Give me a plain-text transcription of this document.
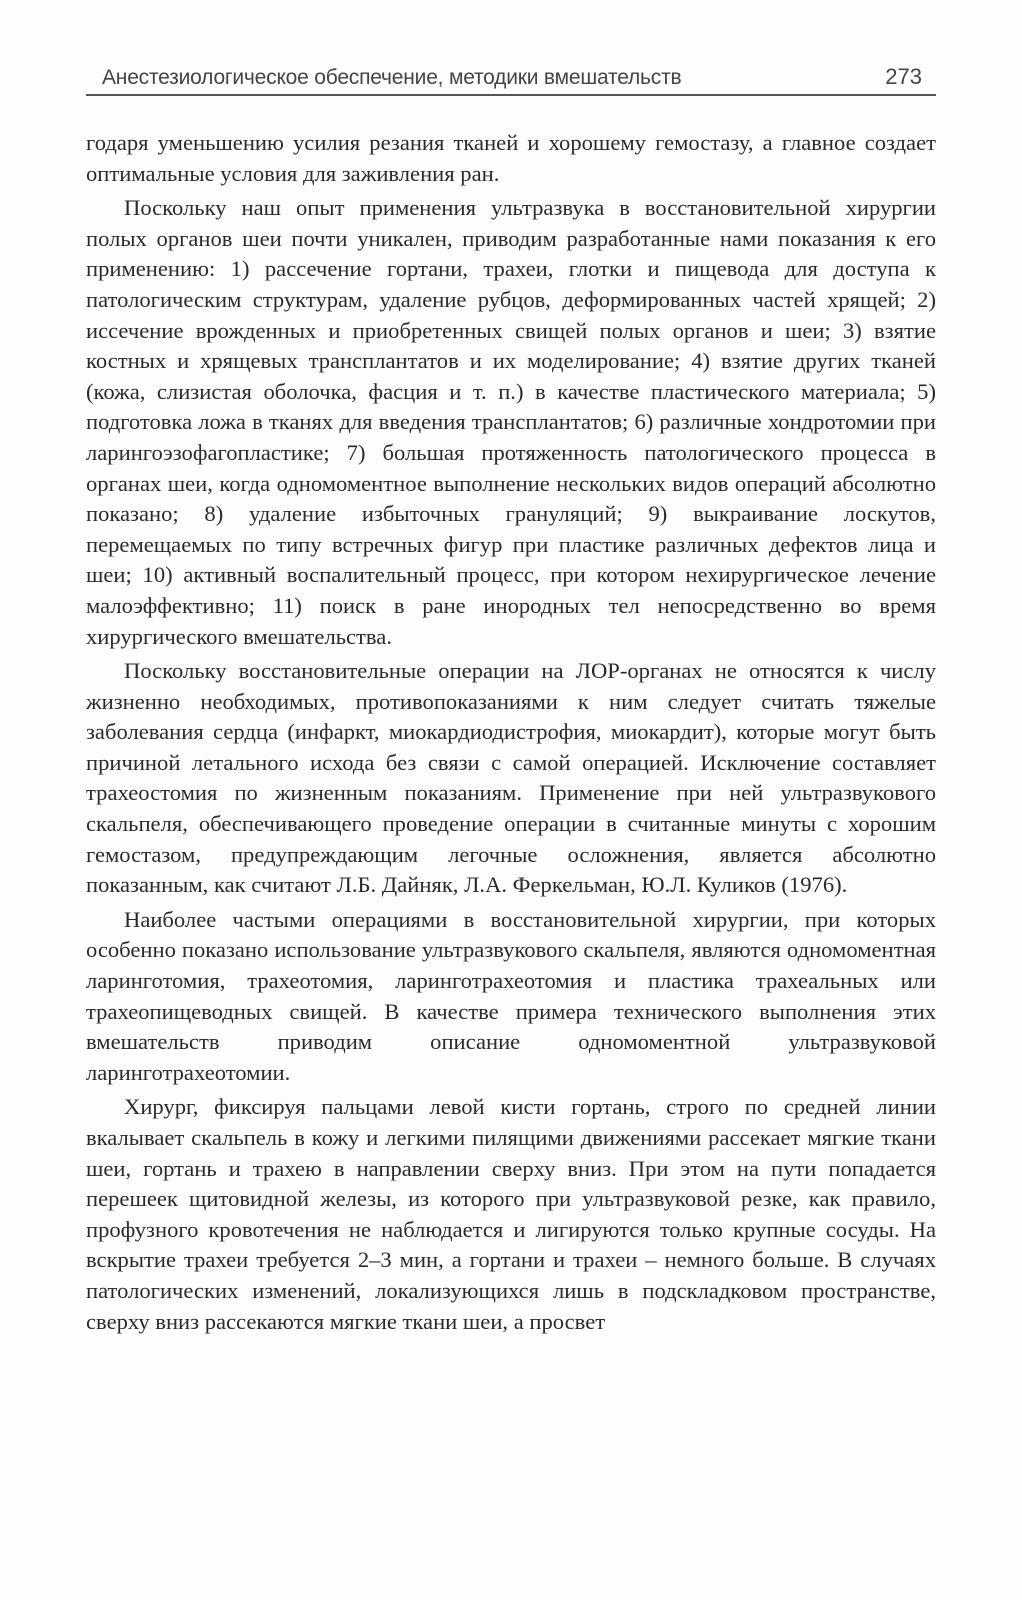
Анестезиологическое обеспечение, методики вмешательств	273

годаря уменьшению усилия резания тканей и хорошему гемостазу, а главное создает оптимальные условия для заживления ран.

Поскольку наш опыт применения ультразвука в восстановительной хирургии полых органов шеи почти уникален, приводим разработанные нами показания к его применению: 1) рассечение гортани, трахеи, глотки и пищевода для доступа к патологическим структурам, удаление рубцов, деформированных частей хрящей; 2) иссечение врожденных и приобретенных свищей полых органов и шеи; 3) взятие костных и хрящевых трансплантатов и их моделирование; 4) взятие других тканей (кожа, слизистая оболочка, фасция и т. п.) в качестве пластического материала; 5) подготовка ложа в тканях для введения трансплантатов; 6) различные хондротомии при ларингоэзофагопластике; 7) большая протяженность патологического процесса в органах шеи, когда одномоментное выполнение нескольких видов операций абсолютно показано; 8) удаление избыточных грануляций; 9) выкраивание лоскутов, перемещаемых по типу встречных фигур при пластике различных дефектов лица и шеи; 10) активный воспалительный процесс, при котором нехирургическое лечение малоэффективно; 11) поиск в ране инородных тел непосредственно во время хирургического вмешательства.

Поскольку восстановительные операции на ЛОР-органах не относятся к числу жизненно необходимых, противопоказаниями к ним следует считать тяжелые заболевания сердца (инфаркт, миокардиодистрофия, миокардит), которые могут быть причиной летального исхода без связи с самой операцией. Исключение составляет трахеостомия по жизненным показаниям. Применение при ней ультразвукового скальпеля, обеспечивающего проведение операции в считанные минуты с хорошим гемостазом, предупреждающим легочные осложнения, является абсолютно показанным, как считают Л.Б. Дайняк, Л.А. Феркельман, Ю.Л. Куликов (1976).

Наиболее частыми операциями в восстановительной хирургии, при которых особенно показано использование ультразвукового скальпеля, являются одномоментная ларинготомия, трахеотомия, ларинготрахеотомия и пластика трахеальных или трахеопищеводных свищей. В качестве примера технического выполнения этих вмешательств приводим описание одномоментной ультразвуковой ларинготрахеотомии.

Хирург, фиксируя пальцами левой кисти гортань, строго по средней линии вкалывает скальпель в кожу и легкими пилящими движениями рассекает мягкие ткани шеи, гортань и трахею в направлении сверху вниз. При этом на пути попадается перешеек щитовидной железы, из которого при ультразвуковой резке, как правило, профузного кровотечения не наблюдается и лигируются только крупные сосуды. На вскрытие трахеи требуется 2–3 мин, а гортани и трахеи – немного больше. В случаях патологических изменений, локализующихся лишь в подскладковом пространстве, сверху вниз рассекаются мягкие ткани шеи, а просвет
